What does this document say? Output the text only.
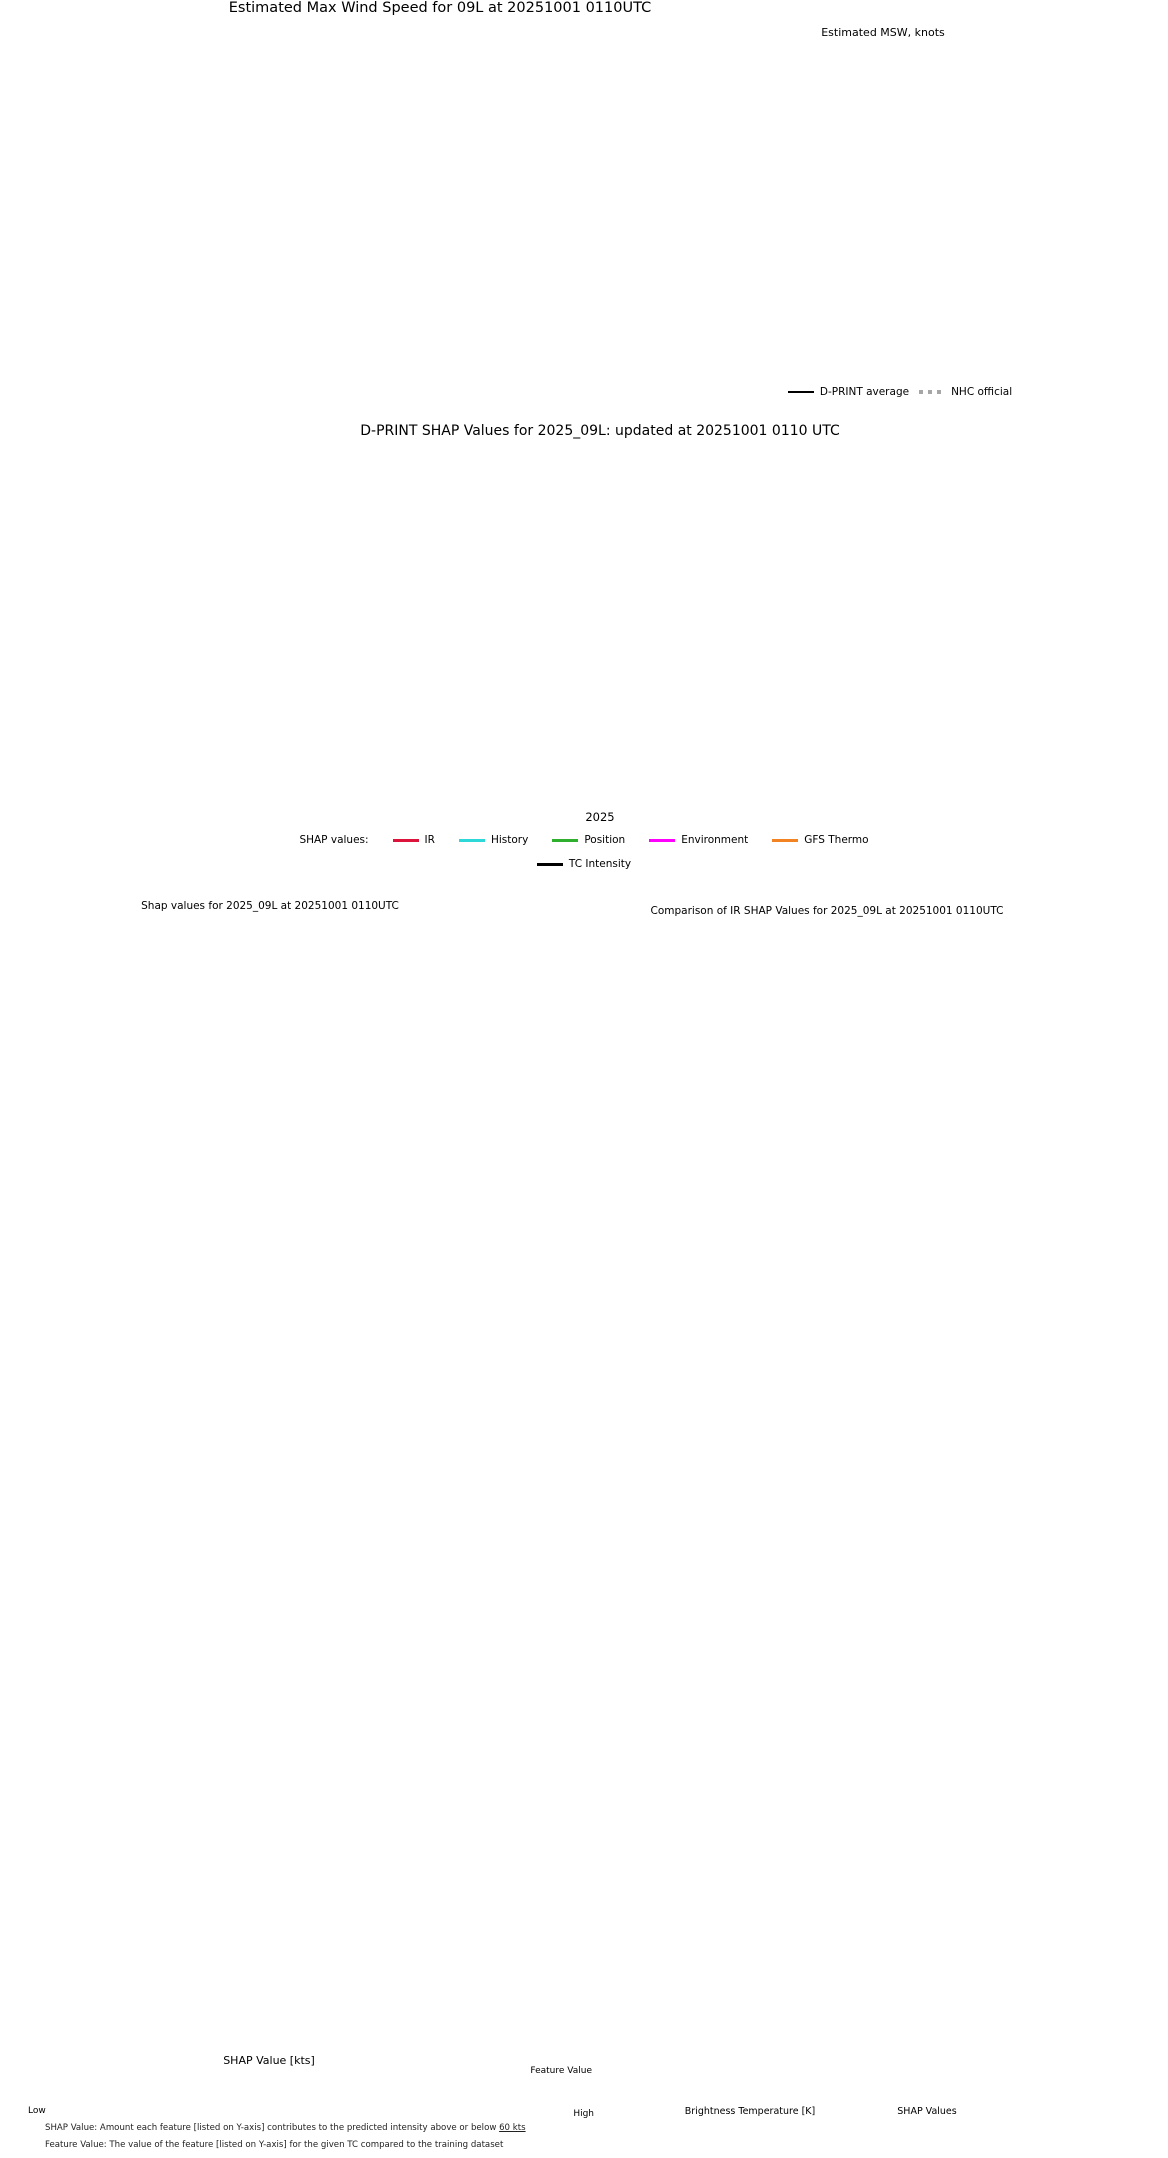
Estimated Max Wind Speed for 09L at 20251001 0110UTC
Estimated MSW, knots
D-PRINT average	NHC official
D-PRINT SHAP Values for 2025_09L: updated at 20251001 0110 UTC
2025
SHAP values:	IR	History	Position	Environment	GFS Thermo
TC Intensity
Shap values for 2025_09L at 20251001 0110UTC
SHAP Value [kts]
Feature Value
Low	High
SHAP Value: Amount each feature [listed on Y-axis] contributes to the predicted intensity above or below 60 kts
Feature Value: The value of the feature [listed on Y-axis] for the given TC compared to the training dataset
Comparison of IR SHAP Values for 2025_09L at 20251001 0110UTC
Brightness Temperature [K]	SHAP Values
